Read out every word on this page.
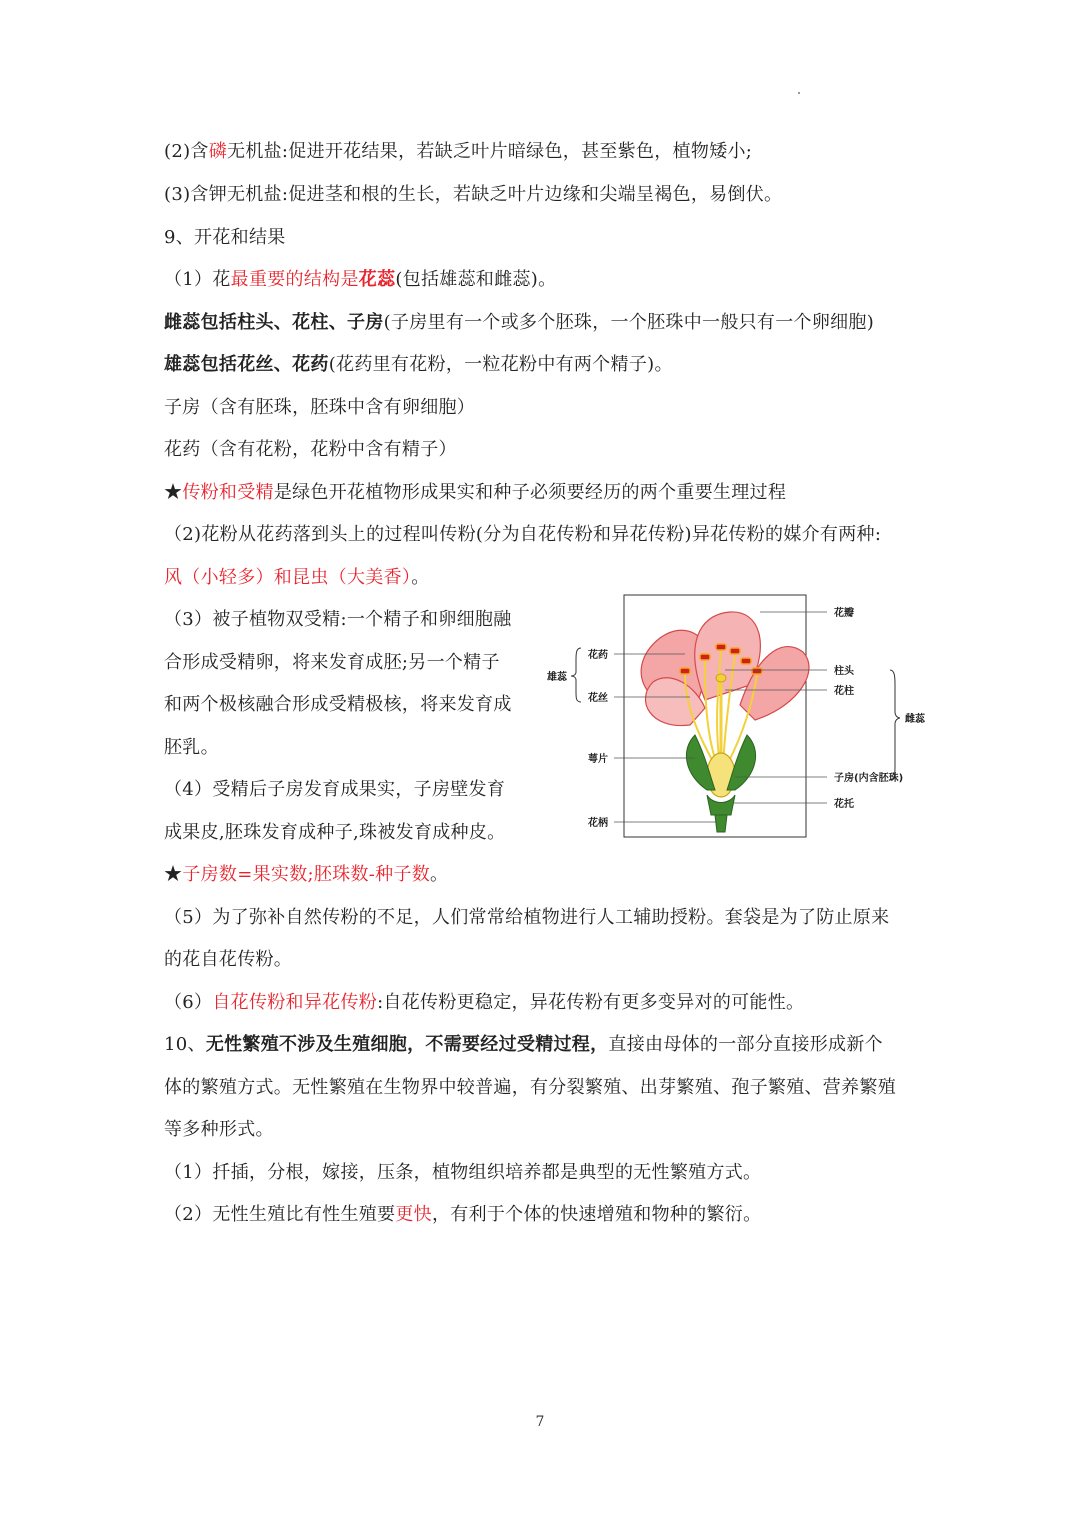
(2)含磷无机盐:促进开花结果，若缺乏叶片暗绿色，甚至紫色，植物矮小;
(3)含钾无机盐:促进茎和根的生长，若缺乏叶片边缘和尖端呈褐色，易倒伏。
9、开花和结果
（1）花最重要的结构是花蕊(包括雄蕊和雌蕊)。
雌蕊包括柱头、花柱、子房(子房里有一个或多个胚珠，一个胚珠中一般只有一个卵细胞)
雄蕊包括花丝、花药(花药里有花粉，一粒花粉中有两个精子)。
子房（含有胚珠，胚珠中含有卵细胞）
花药（含有花粉，花粉中含有精子）
★传粉和受精是绿色开花植物形成果实和种子必须要经历的两个重要生理过程
（2)花粉从花药落到头上的过程叫传粉(分为自花传粉和异花传粉)异花传粉的媒介有两种:
风（小轻多）和昆虫（大美香）。
（3）被子植物双受精:一个精子和卵细胞融
合形成受精卵，将来发育成胚;另一个精子
和两个极核融合形成受精极核，将来发育成
胚乳。
（4）受精后子房发育成果实，子房壁发育
成果皮,胚珠发育成种子,珠被发育成种皮。
★子房数=果实数;胚珠数-种子数。
（5）为了弥补自然传粉的不足，人们常常给植物进行人工辅助授粉。套袋是为了防止原来
的花自花传粉。
（6）自花传粉和异花传粉:自花传粉更稳定，异花传粉有更多变异对的可能性。
10、无性繁殖不涉及生殖细胞，不需要经过受精过程，直接由母体的一部分直接形成新个
体的繁殖方式。无性繁殖在生物界中较普遍，有分裂繁殖、出芽繁殖、孢子繁殖、营养繁殖
等多种形式。
（1）扦插，分根，嫁接，压条，植物组织培养都是典型的无性繁殖方式。
（2）无性生殖比有性生殖要更快，有利于个体的快速增殖和物种的繁衍。
花瓣
花药
雄蕊
花丝
柱头
花柱
雌蕊
萼片
子房(内含胚珠)
花托
花柄
7
